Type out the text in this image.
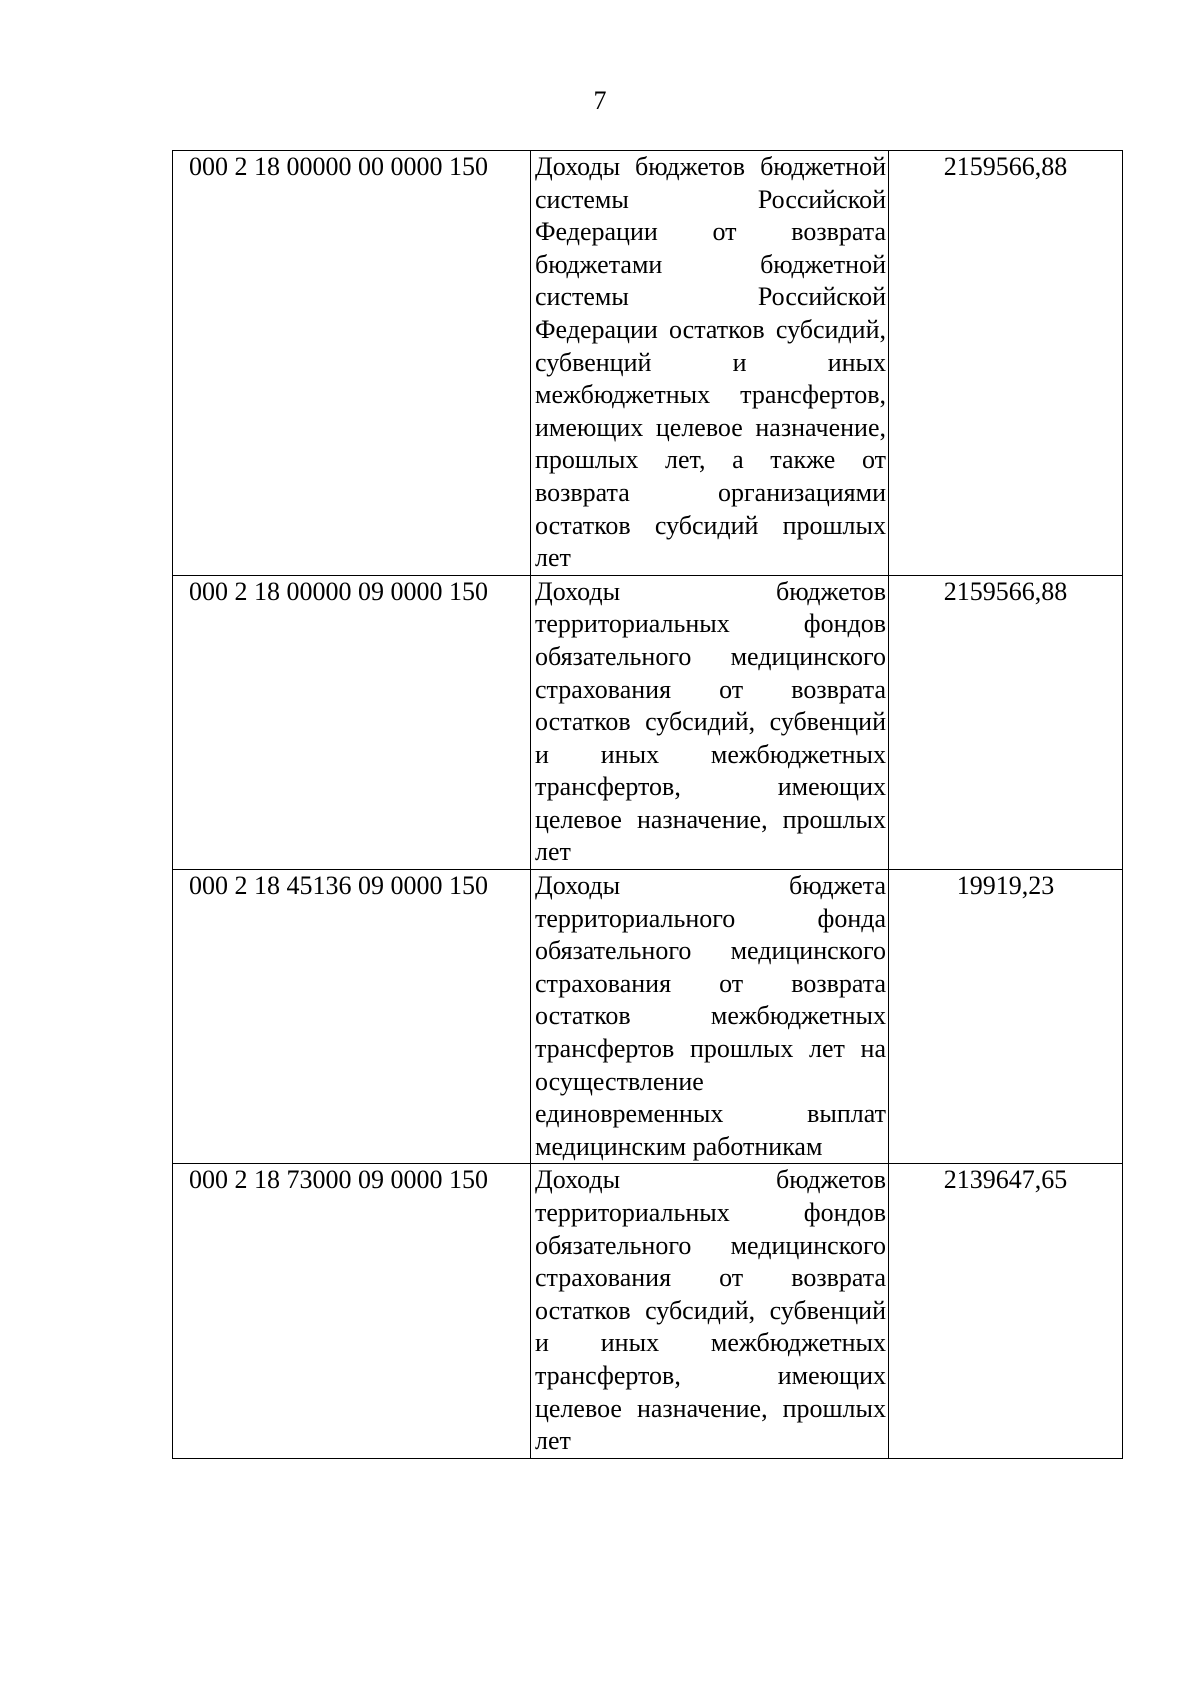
7
000 2 18 00000 00 0000 150	Доходы бюджетов бюджетной системы Российской Федерации от возврата бюджетами бюджетной системы Российской Федерации остатков субсидий, субвенций и иных межбюджетных трансфертов, имеющих целевое назначение, прошлых лет, а также от возврата организациями остатков субсидий прошлых лет	2159566,88
000 2 18 00000 09 0000 150	Доходы бюджетов территориальных фондов обязательного медицинского страхования от возврата остатков субсидий, субвенций и иных межбюджетных трансфертов, имеющих целевое назначение, прошлых лет	2159566,88
000 2 18 45136 09 0000 150	Доходы бюджета территориального фонда обязательного медицинского страхования от возврата остатков межбюджетных трансфертов прошлых лет на осуществление единовременных выплат медицинским работникам	19919,23
000 2 18 73000 09 0000 150	Доходы бюджетов территориальных фондов обязательного медицинского страхования от возврата остатков субсидий, субвенций и иных межбюджетных трансфертов, имеющих целевое назначение, прошлых лет	2139647,65
